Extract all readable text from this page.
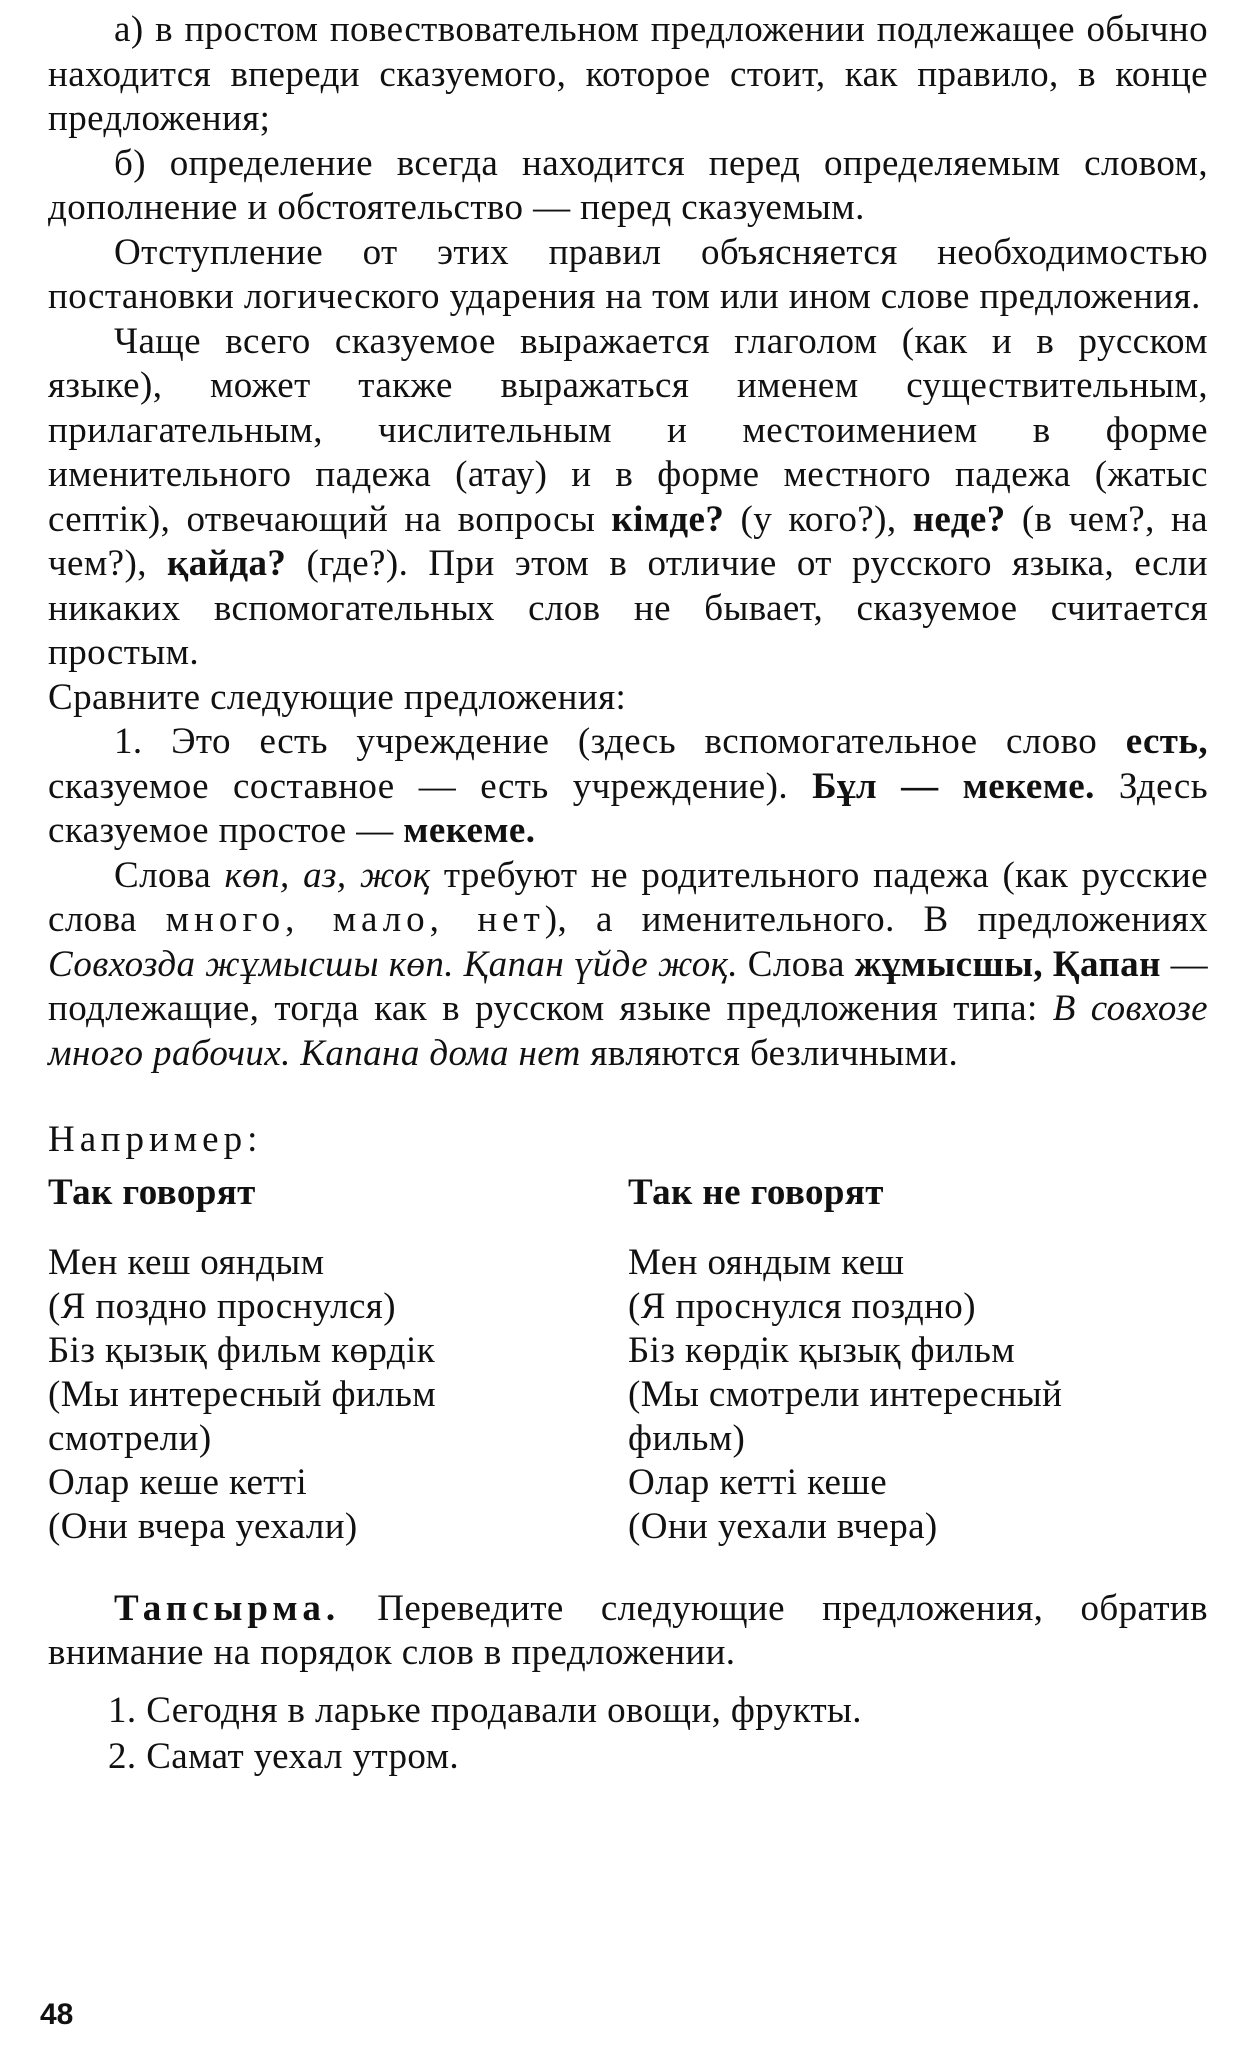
а) в простом повествовательном предложении подлежащее обычно находится впереди сказуемого, которое стоит, как правило, в конце предложения;

б) определение всегда находится перед определяемым словом, дополнение и обстоятельство — перед сказуемым.

Отступление от этих правил объясняется необходимостью постановки логического ударения на том или ином слове предложения.

Чаще всего сказуемое выражается глаголом (как и в русском языке), может также выражаться именем существительным, прилагательным, числительным и местоимением в форме именительного падежа (атау) и в форме местного падежа (жатыс септік), отвечающий на вопросы кімде? (у кого?), неде? (в чем?, на чем?), қайда? (где?). При этом в отличие от русского языка, если никаких вспомогательных слов не бывает, сказуемое считается простым.

Сравните следующие предложения:

1. Это есть учреждение (здесь вспомогательное слово есть, сказуемое составное — есть учреждение). Бұл — мекеме. Здесь сказуемое простое — мекеме.

Слова көп, аз, жоқ требуют не родительного падежа (как русские слова много, мало, нет), а именительного. В предложениях Совхозда жұмысшы көп. Қапан үйде жоқ. Слова жұмысшы, Қапан — подлежащие, тогда как в русском языке предложения типа: В совхозе много рабочих. Капана дома нет являются безличными.

Например:

Так говорят
Мен кеш ояндым
(Я поздно проснулся)
Біз қызық фильм көрдік
(Мы интересный фильм
смотрели)
Олар кеше кетті
(Они вчера уехали)
Так не говорят
Мен ояндым кеш
(Я проснулся поздно)
Біз көрдік қызық фильм
(Мы смотрели интересный
фильм)
Олар кетті кеше
(Они уехали вчера)

Тапсырма. Переведите следующие предложения, обратив внимание на порядок слов в предложении.

1. Сегодня в ларьке продавали овощи, фрукты.
2. Самат уехал утром.
48
